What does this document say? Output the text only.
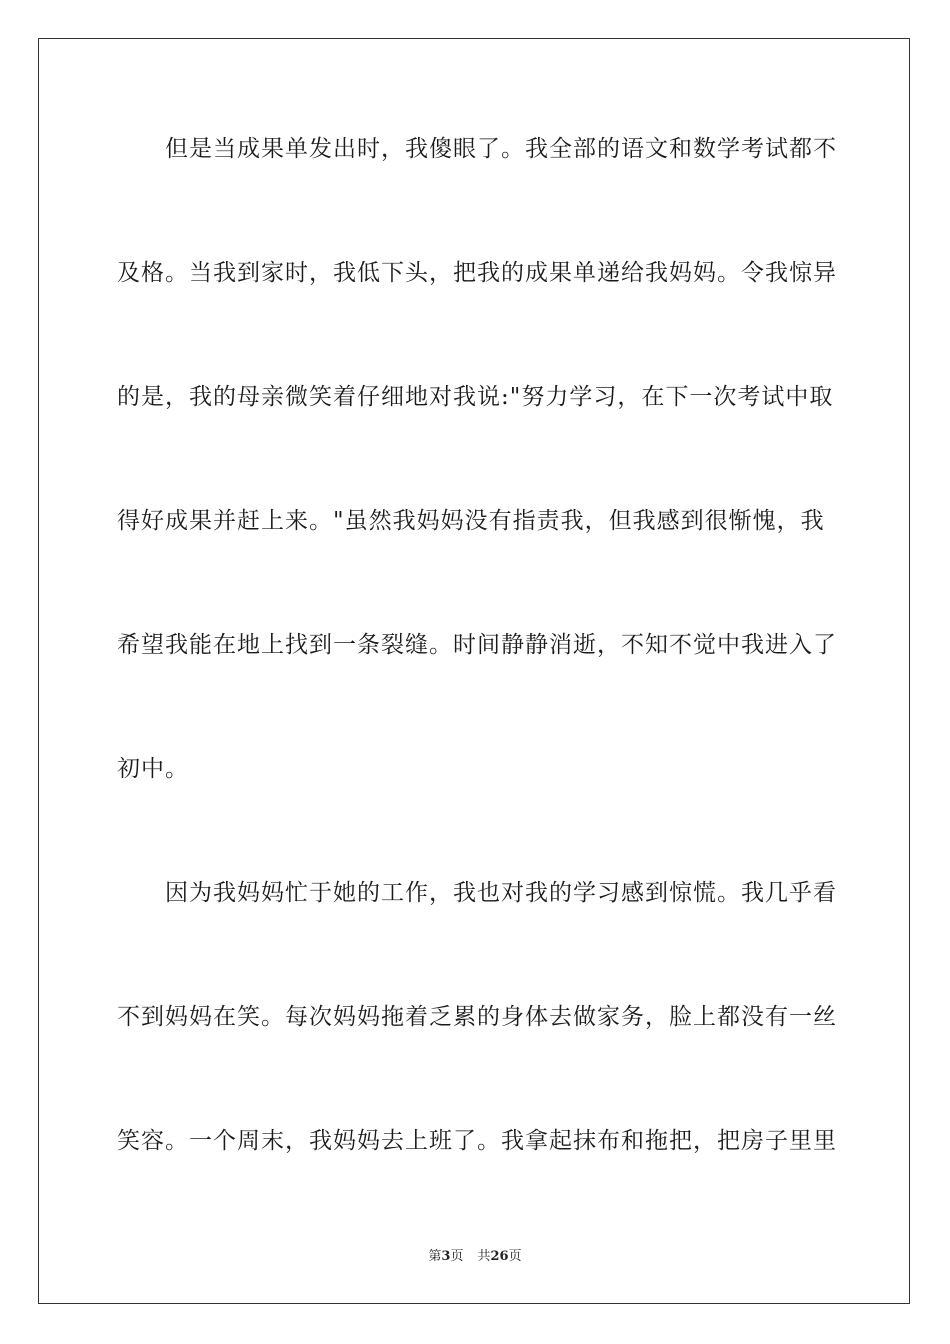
但是当成果单发出时，我傻眼了。我全部的语文和数学考试都不
及格。当我到家时，我低下头，把我的成果单递给我妈妈。令我惊异
的是，我的母亲微笑着仔细地对我说:"努力学习，在下一次考试中取
得好成果并赶上来。"虽然我妈妈没有指责我，但我感到很惭愧，我
希望我能在地上找到一条裂缝。时间静静消逝，不知不觉中我进入了
初中。
因为我妈妈忙于她的工作，我也对我的学习感到惊慌。我几乎看
不到妈妈在笑。每次妈妈拖着乏累的身体去做家务，脸上都没有一丝
笑容。一个周末，我妈妈去上班了。我拿起抹布和拖把，把房子里里
第3页 共26页
